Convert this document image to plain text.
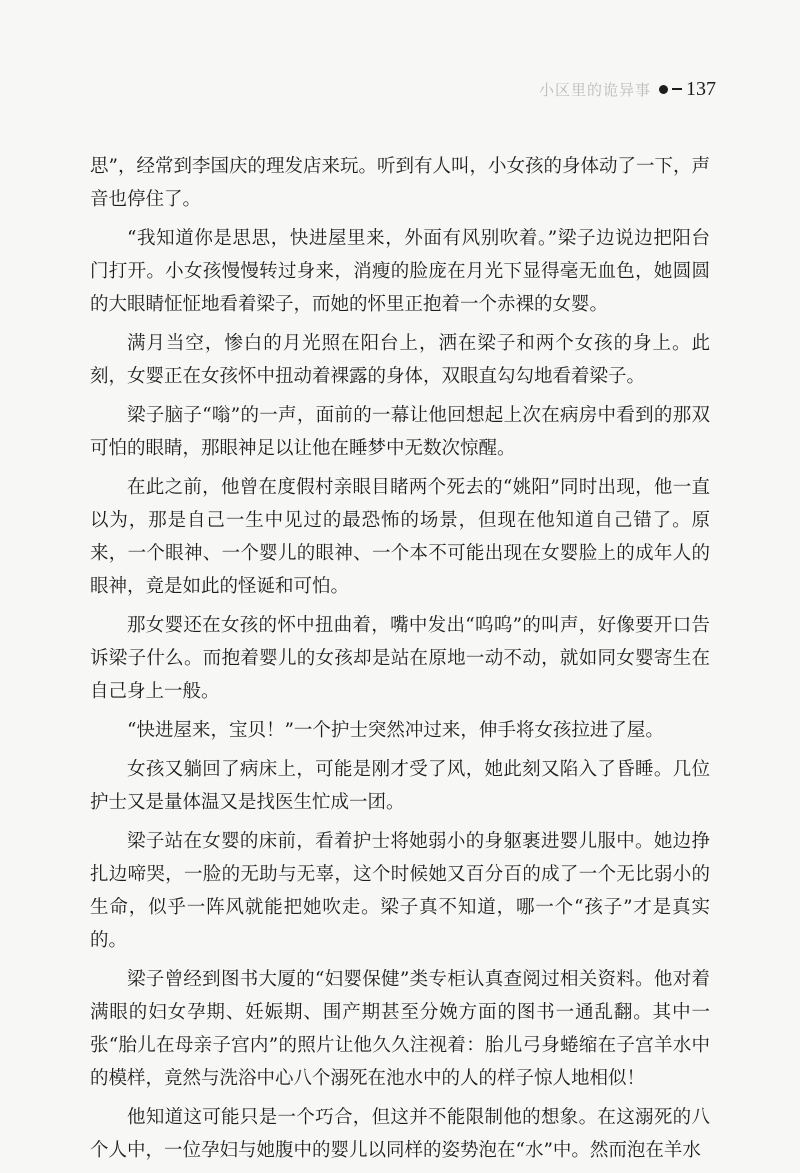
小区里的诡异事 137

思”，经常到李国庆的理发店来玩。听到有人叫，小女孩的身体动了一下，声音也停住了。

“我知道你是思思，快进屋里来，外面有风别吹着。”梁子边说边把阳台门打开。小女孩慢慢转过身来，消瘦的脸庞在月光下显得毫无血色，她圆圆的大眼睛怔怔地看着梁子，而她的怀里正抱着一个赤裸的女婴。

满月当空，惨白的月光照在阳台上，洒在梁子和两个女孩的身上。此刻，女婴正在女孩怀中扭动着裸露的身体，双眼直勾勾地看着梁子。

梁子脑子“嗡”的一声，面前的一幕让他回想起上次在病房中看到的那双可怕的眼睛，那眼神足以让他在睡梦中无数次惊醒。

在此之前，他曾在度假村亲眼目睹两个死去的“姚阳”同时出现，他一直以为，那是自己一生中见过的最恐怖的场景，但现在他知道自己错了。原来，一个眼神、一个婴儿的眼神、一个本不可能出现在女婴脸上的成年人的眼神，竟是如此的怪诞和可怕。

那女婴还在女孩的怀中扭曲着，嘴中发出“呜呜”的叫声，好像要开口告诉梁子什么。而抱着婴儿的女孩却是站在原地一动不动，就如同女婴寄生在自己身上一般。

“快进屋来，宝贝！”一个护士突然冲过来，伸手将女孩拉进了屋。

女孩又躺回了病床上，可能是刚才受了风，她此刻又陷入了昏睡。几位护士又是量体温又是找医生忙成一团。

梁子站在女婴的床前，看着护士将她弱小的身躯裹进婴儿服中。她边挣扎边啼哭，一脸的无助与无辜，这个时候她又百分百的成了一个无比弱小的生命，似乎一阵风就能把她吹走。梁子真不知道，哪一个“孩子”才是真实的。

梁子曾经到图书大厦的“妇婴保健”类专柜认真查阅过相关资料。他对着满眼的妇女孕期、妊娠期、围产期甚至分娩方面的图书一通乱翻。其中一张“胎儿在母亲子宫内”的照片让他久久注视着：胎儿弓身蜷缩在子宫羊水中的模样，竟然与洗浴中心八个溺死在池水中的人的样子惊人地相似！

他知道这可能只是一个巧合，但这并不能限制他的想象。在这溺死的八个人中，一位孕妇与她腹中的婴儿以同样的姿势泡在“水”中。然而泡在羊水
